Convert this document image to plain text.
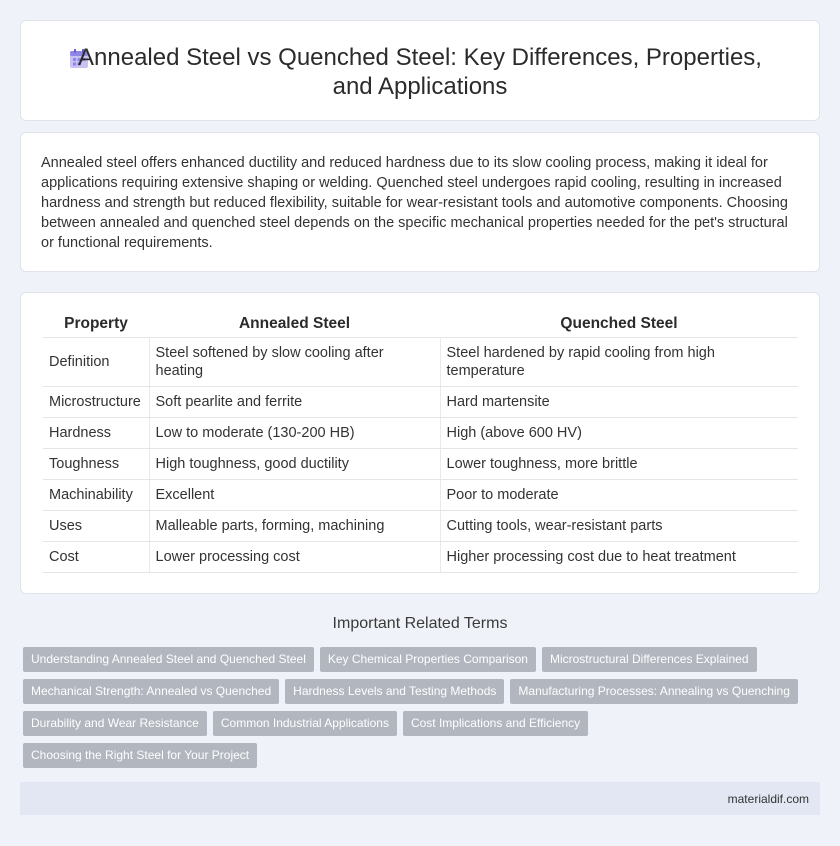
Annealed Steel vs Quenched Steel: Key Differences, Properties, and Applications

Annealed steel offers enhanced ductility and reduced hardness due to its slow cooling process, making it ideal for applications requiring extensive shaping or welding. Quenched steel undergoes rapid cooling, resulting in increased hardness and strength but reduced flexibility, suitable for wear-resistant tools and automotive components. Choosing between annealed and quenched steel depends on the specific mechanical properties needed for the pet's structural or functional requirements.

Property	Annealed Steel	Quenched Steel
Definition	Steel softened by slow cooling after heating	Steel hardened by rapid cooling from high temperature
Microstructure	Soft pearlite and ferrite	Hard martensite
Hardness	Low to moderate (130-200 HB)	High (above 600 HV)
Toughness	High toughness, good ductility	Lower toughness, more brittle
Machinability	Excellent	Poor to moderate
Uses	Malleable parts, forming, machining	Cutting tools, wear-resistant parts
Cost	Lower processing cost	Higher processing cost due to heat treatment
Important Related Terms
Understanding Annealed Steel and Quenched Steel Key Chemical Properties Comparison Microstructural Differences Explained
Mechanical Strength: Annealed vs Quenched Hardness Levels and Testing Methods Manufacturing Processes: Annealing vs Quenching
Durability and Wear Resistance Common Industrial Applications Cost Implications and Efficiency
Choosing the Right Steel for Your Project
materialdif.com
